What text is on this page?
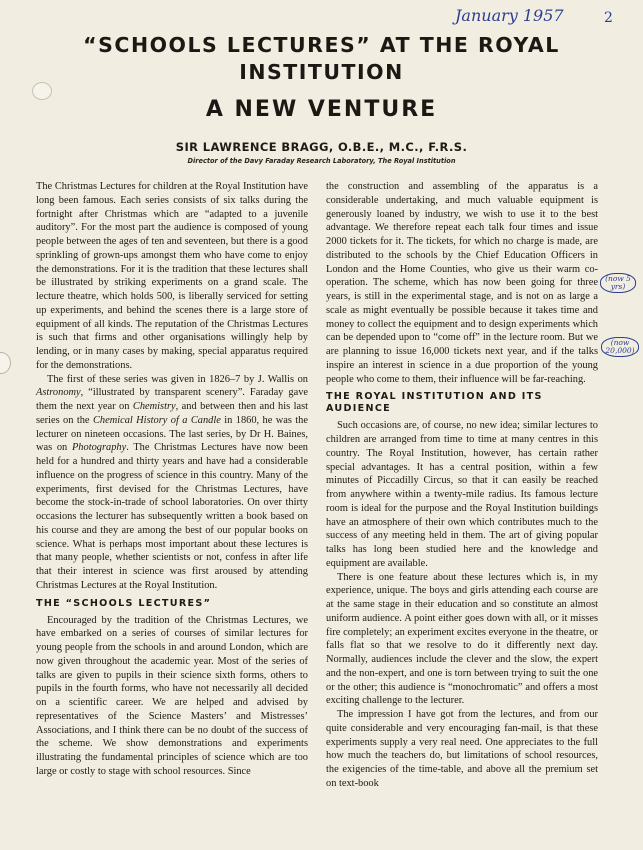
January 1957	2
“SCHOOLS LECTURES” AT THE ROYAL INSTITUTION
A NEW VENTURE
SIR LAWRENCE BRAGG, O.B.E., M.C., F.R.S.
Director of the Davy Faraday Research Laboratory, The Royal Institution

The Christmas Lectures for children at the Royal Institution have long been famous. Each series consists of six talks during the fortnight after Christmas which are “adapted to a juvenile auditory”. For the most part the audience is composed of young people between the ages of ten and seventeen, but there is a good sprinkling of grown-ups amongst them who have come to enjoy the demonstrations. For it is the tradition that these lectures shall be illustrated by striking experiments on a grand scale. The lecture theatre, which holds 500, is liberally serviced for setting up experiments, and behind the scenes there is a large store of equipment of all kinds. The reputation of the Christmas Lectures is such that firms and other organisations willingly help by lending, or in many cases by making, special apparatus required for the demonstrations.

The first of these series was given in 1826–7 by J. Wallis on Astronomy, “illustrated by transparent scenery”. Faraday gave them the next year on Chemistry, and between then and his last series on the Chemical History of a Candle in 1860, he was the lecturer on nineteen occasions. The last series, by Dr H. Baines, was on Photography. The Christmas Lectures have now been held for a hundred and thirty years and have had a considerable influence on the progress of science in this country. Many of the experiments, first devised for the Christmas Lectures, have become the stock-in-trade of school laboratories. On over thirty occasions the lecturer has subsequently written a book based on his course and they are among the best of our popular books on science. What is perhaps most important about these lectures is that many people, whether scientists or not, confess in after life that their interest in science was first aroused by attending Christmas Lectures at the Royal Institution.

THE “SCHOOLS LECTURES”

Encouraged by the tradition of the Christmas Lectures, we have embarked on a series of courses of similar lectures for young people from the schools in and around London, which are now given throughout the academic year. Most of the series of talks are given to pupils in their science sixth forms, others to pupils in the fourth forms, who have not necessarily all decided on a scientific career. We are helped and advised by representatives of the Science Masters’ and Mistresses’ Associations, and I think there can be no doubt of the success of the scheme. We show demonstrations and experiments illustrating the fundamental principles of science which are too large or costly to stage with school resources. Since

the construction and assembling of the apparatus is a considerable undertaking, and much valuable equipment is generously loaned by industry, we wish to use it to the best advantage. We therefore repeat each talk four times and issue 2000 tickets for it. The tickets, for which no charge is made, are distributed to the schools by the Chief Education Officers in London and the Home Counties, who give us their warm co-operation. The scheme, which has now been going for three years, is still in the experimental stage, and is not on as large a scale as might eventually be possible because it takes time and money to collect the equipment and to design experiments which can be depended upon to “come off” in the lecture room. But we are planning to issue 16,000 tickets next year, and if the talks inspire an interest in science in a due proportion of the young people who come to them, their influence will be far-reaching.

THE ROYAL INSTITUTION AND ITS AUDIENCE

Such occasions are, of course, no new idea; similar lectures to children are arranged from time to time at many centres in this country. The Royal Institution, however, has certain rather special advantages. It has a central position, within a few minutes of Piccadilly Circus, so that it can easily be reached from anywhere within a twenty-mile radius. Its famous lecture room is ideal for the purpose and the Royal Institution buildings have an atmosphere of their own which contributes much to the success of any meeting held in them. The art of giving popular talks has long been studied here and the knowledge and equipment are available.

There is one feature about these lectures which is, in my experience, unique. The boys and girls attending each course are at the same stage in their education and so constitute an almost uniform audience. A point either goes down with all, or it misses fire completely; an experiment excites everyone in the theatre, or falls flat so that we resolve to do it differently next day. Normally, audiences include the clever and the slow, the expert and the non-expert, and one is torn between trying to suit the one or the other; this audience is “monochromatic” and offers a most exciting challenge to the lecturer.

The impression I have got from the lectures, and from our quite considerable and very encouraging fan-mail, is that these experiments supply a very real need. One appreciates to the full how much the teachers do, but limitations of school resources, the exigencies of the time-table, and above all the premium set on text-book

(now 5 yrs)
(now 20,000)
